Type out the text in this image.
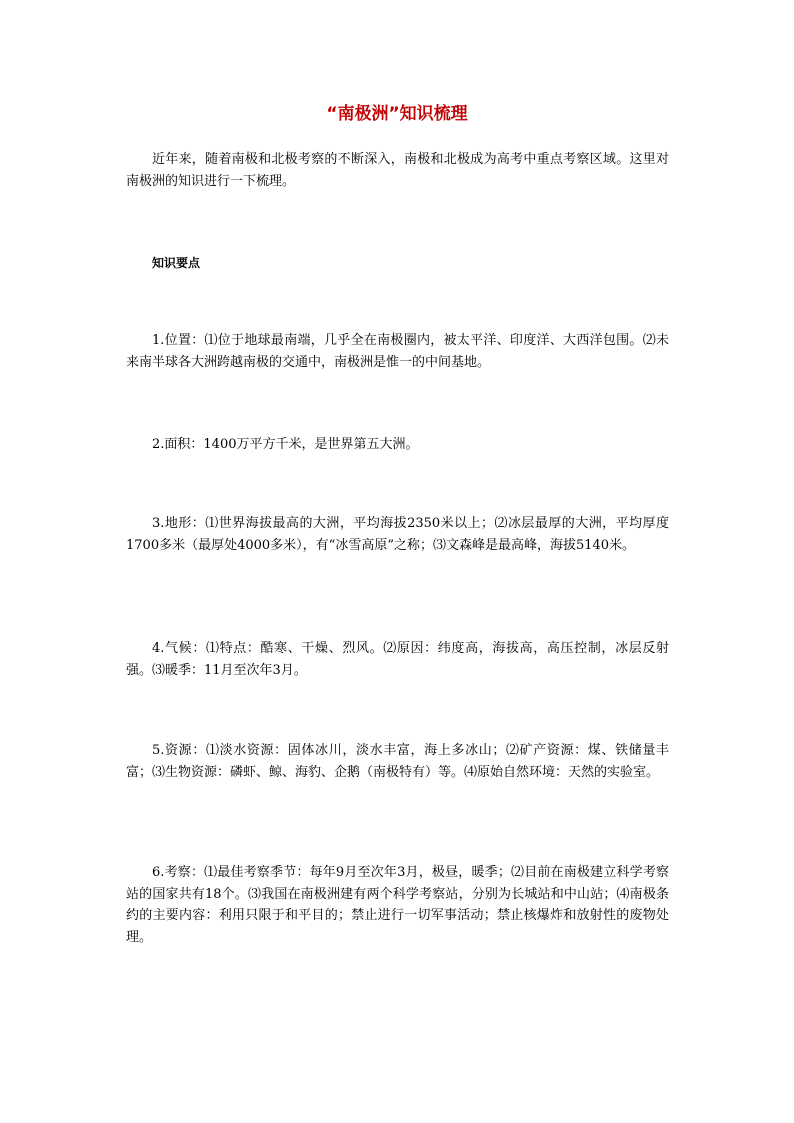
“南极洲”知识梳理

近年来，随着南极和北极考察的不断深入，南极和北极成为高考中重点考察区域。这里对南极洲的知识进行一下梳理。

知识要点

1.位置：⑴位于地球最南端，几乎全在南极圈内，被太平洋、印度洋、大西洋包围。⑵未来南半球各大洲跨越南极的交通中，南极洲是惟一的中间基地。

2.面积：1400万平方千米，是世界第五大洲。

3.地形：⑴世界海拔最高的大洲，平均海拔2350米以上；⑵冰层最厚的大洲，平均厚度1700多米（最厚处4000多米），有“冰雪高原”之称；⑶文森峰是最高峰，海拔5140米。

4.气候：⑴特点：酷寒、干燥、烈风。⑵原因：纬度高，海拔高，高压控制，冰层反射强。⑶暖季：11月至次年3月。

5.资源：⑴淡水资源：固体冰川，淡水丰富，海上多冰山；⑵矿产资源：煤、铁储量丰富；⑶生物资源：磷虾、鲸、海豹、企鹅（南极特有）等。⑷原始自然环境：天然的实验室。

6.考察：⑴最佳考察季节：每年9月至次年3月，极昼，暖季；⑵目前在南极建立科学考察站的国家共有18个。⑶我国在南极洲建有两个科学考察站，分别为长城站和中山站；⑷南极条约的主要内容：利用只限于和平目的；禁止进行一切军事活动；禁止核爆炸和放射性的废物处理。
